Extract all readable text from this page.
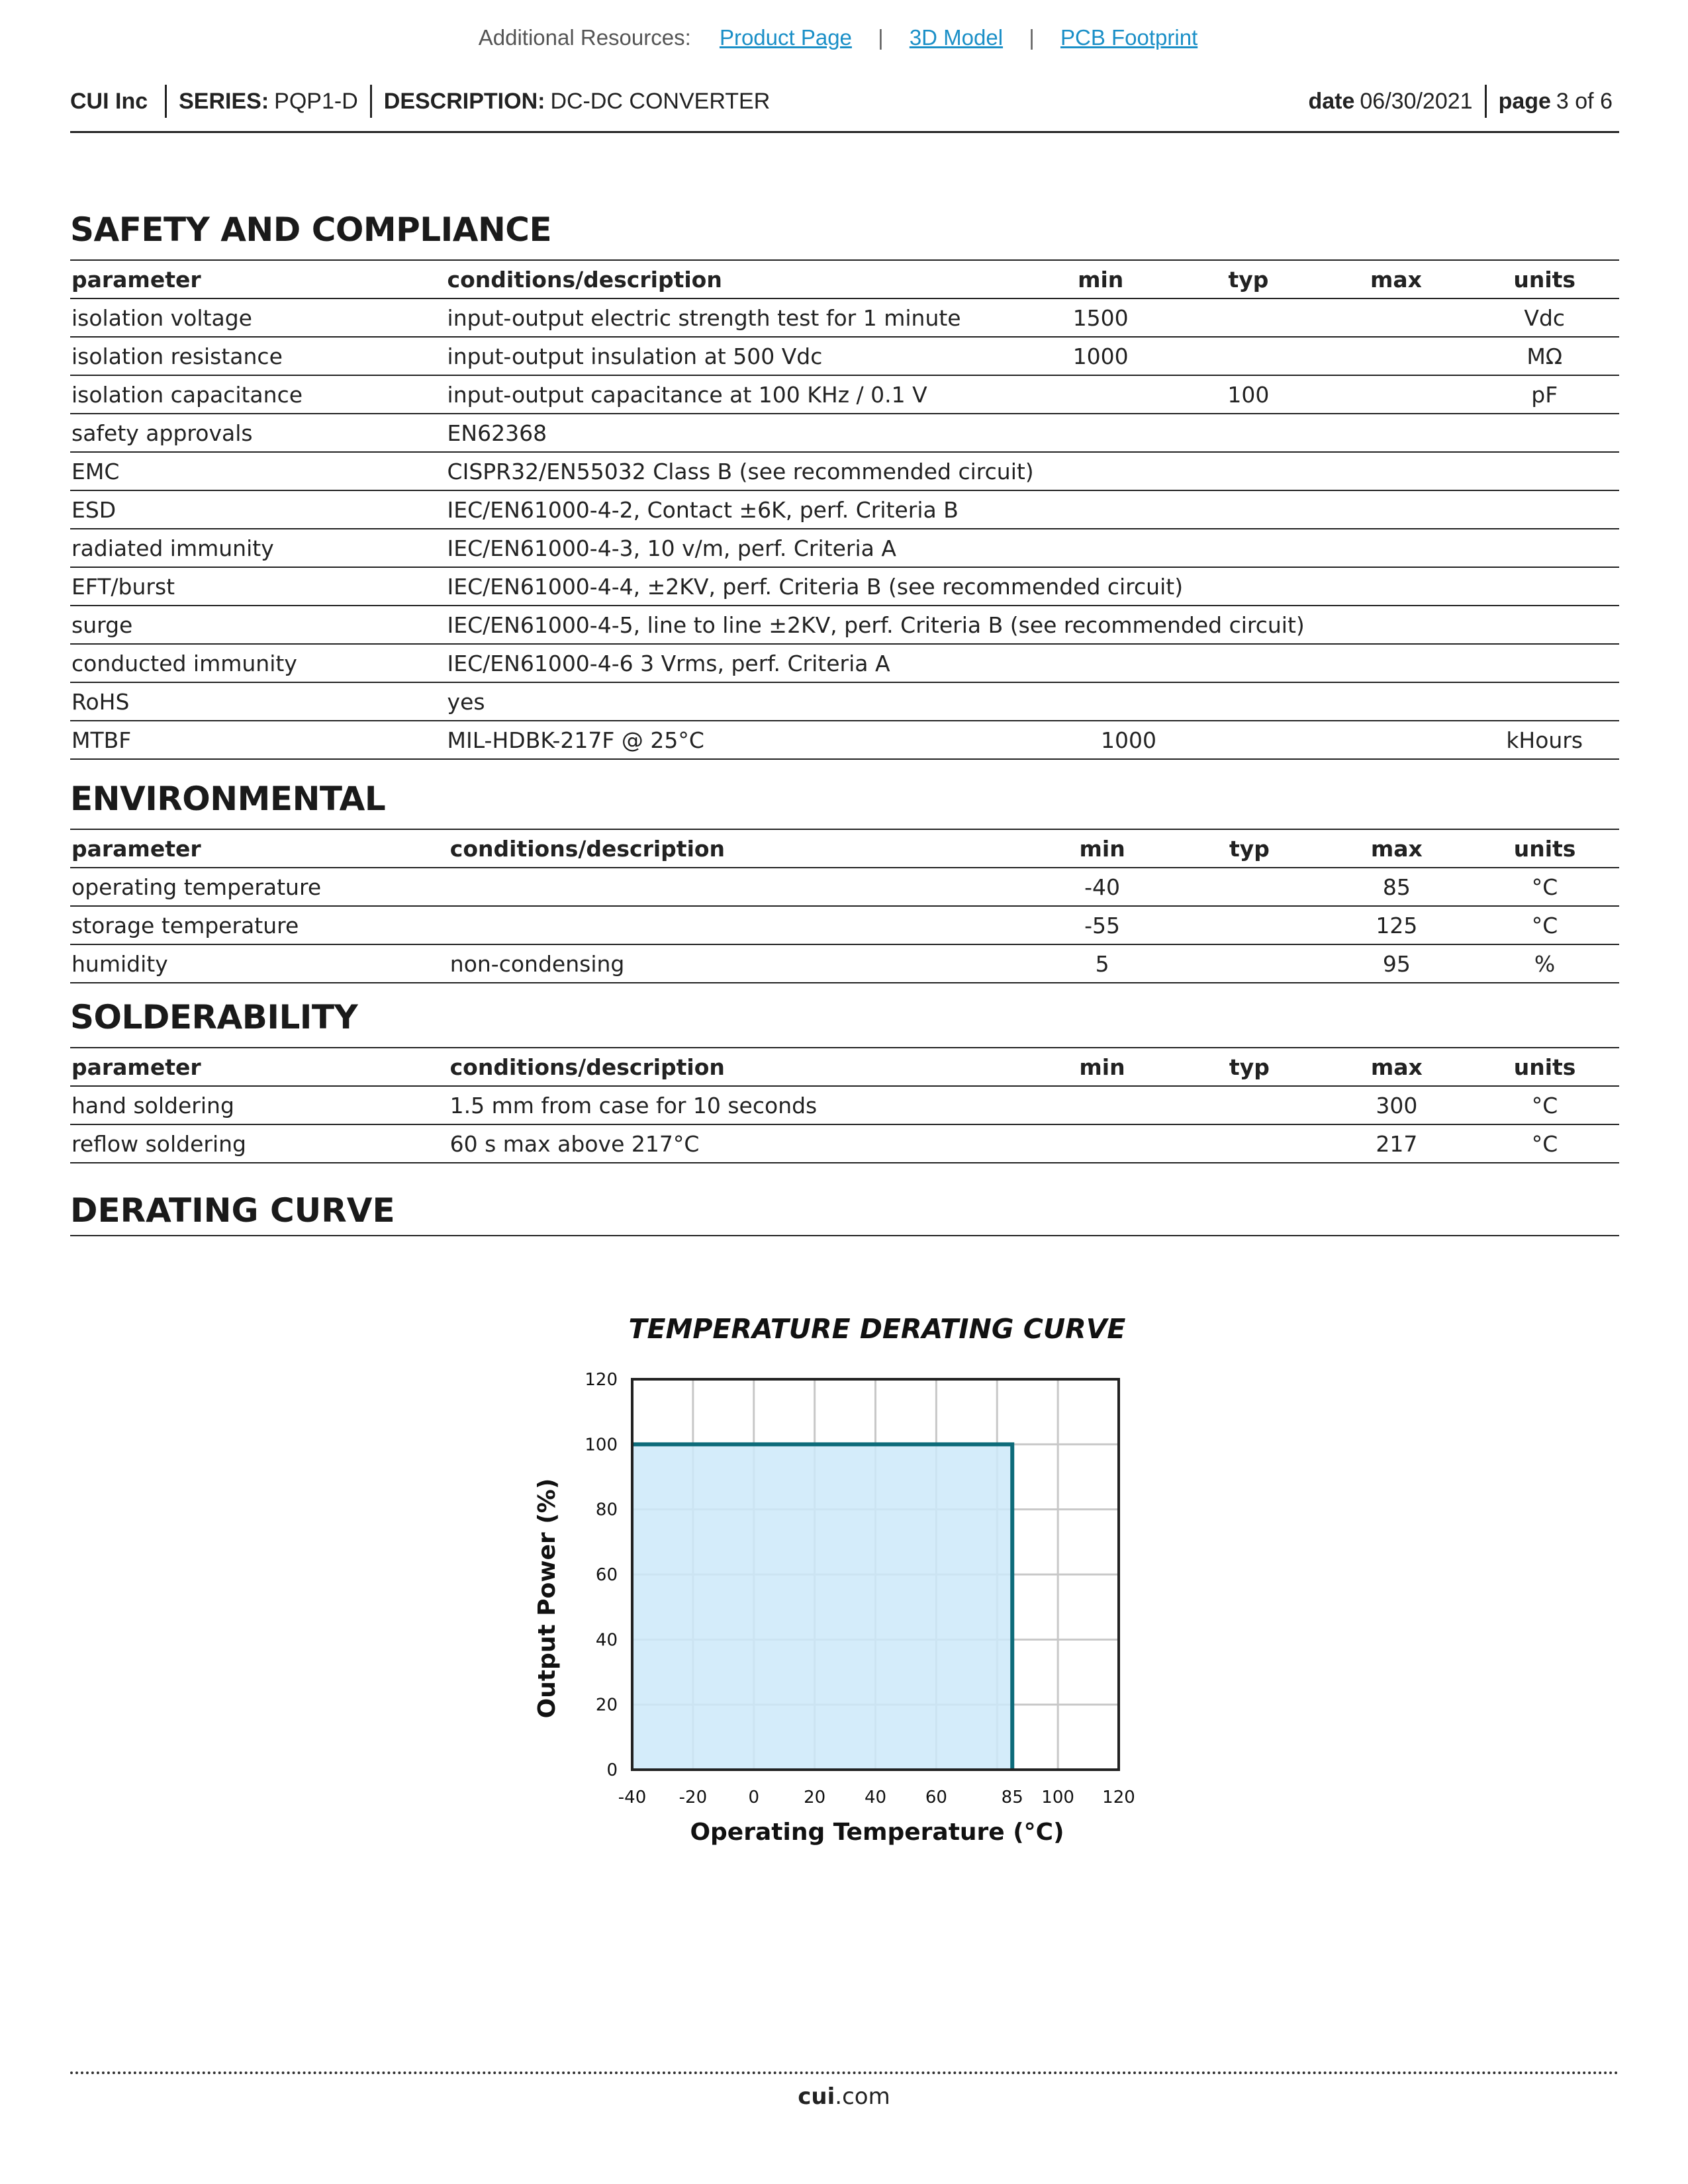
Additional Resources: Product Page | 3D Model | PCB Footprint
CUI Inc SERIES: PQP1-D DESCRIPTION: DC-DC CONVERTER	date 06/30/2021 page 3 of 6
SAFETY AND COMPLIANCE
parameter	conditions/description	min	typ	max	units
isolation voltage	input-output electric strength test for 1 minute	1500			Vdc
isolation resistance	input-output insulation at 500 Vdc	1000			MΩ
isolation capacitance	input-output capacitance at 100 KHz / 0.1 V		100		pF
safety approvals	EN62368				
EMC	CISPR32/EN55032 Class B (see recommended circuit)				
ESD	IEC/EN61000-4-2, Contact ±6K, perf. Criteria B				
radiated immunity	IEC/EN61000-4-3, 10 v/m, perf. Criteria A				
EFT/burst	IEC/EN61000-4-4, ±2KV, perf. Criteria B (see recommended circuit)				
surge	IEC/EN61000-4-5, line to line ±2KV, perf. Criteria B (see recommended circuit)				
conducted immunity	IEC/EN61000-4-6 3 Vrms, perf. Criteria A				
RoHS	yes				
MTBF	MIL-HDBK-217F @ 25°C	1000			kHours
ENVIRONMENTAL
parameter	conditions/description	min	typ	max	units
operating temperature		-40		85	°C
storage temperature		-55		125	°C
humidity	non-condensing	5		95	%
SOLDERABILITY
parameter	conditions/description	min	typ	max	units
hand soldering	1.5 mm from case for 10 seconds			300	°C
reflow soldering	60 s max above 217°C			217	°C
DERATING CURVE
TEMPERATURE DERATING CURVE
0
20
40
60
80
100
120
-40 -20 0	20 40 60	85 100 120
Operating Temperature (°C)
Output Power (%)
cui.com
